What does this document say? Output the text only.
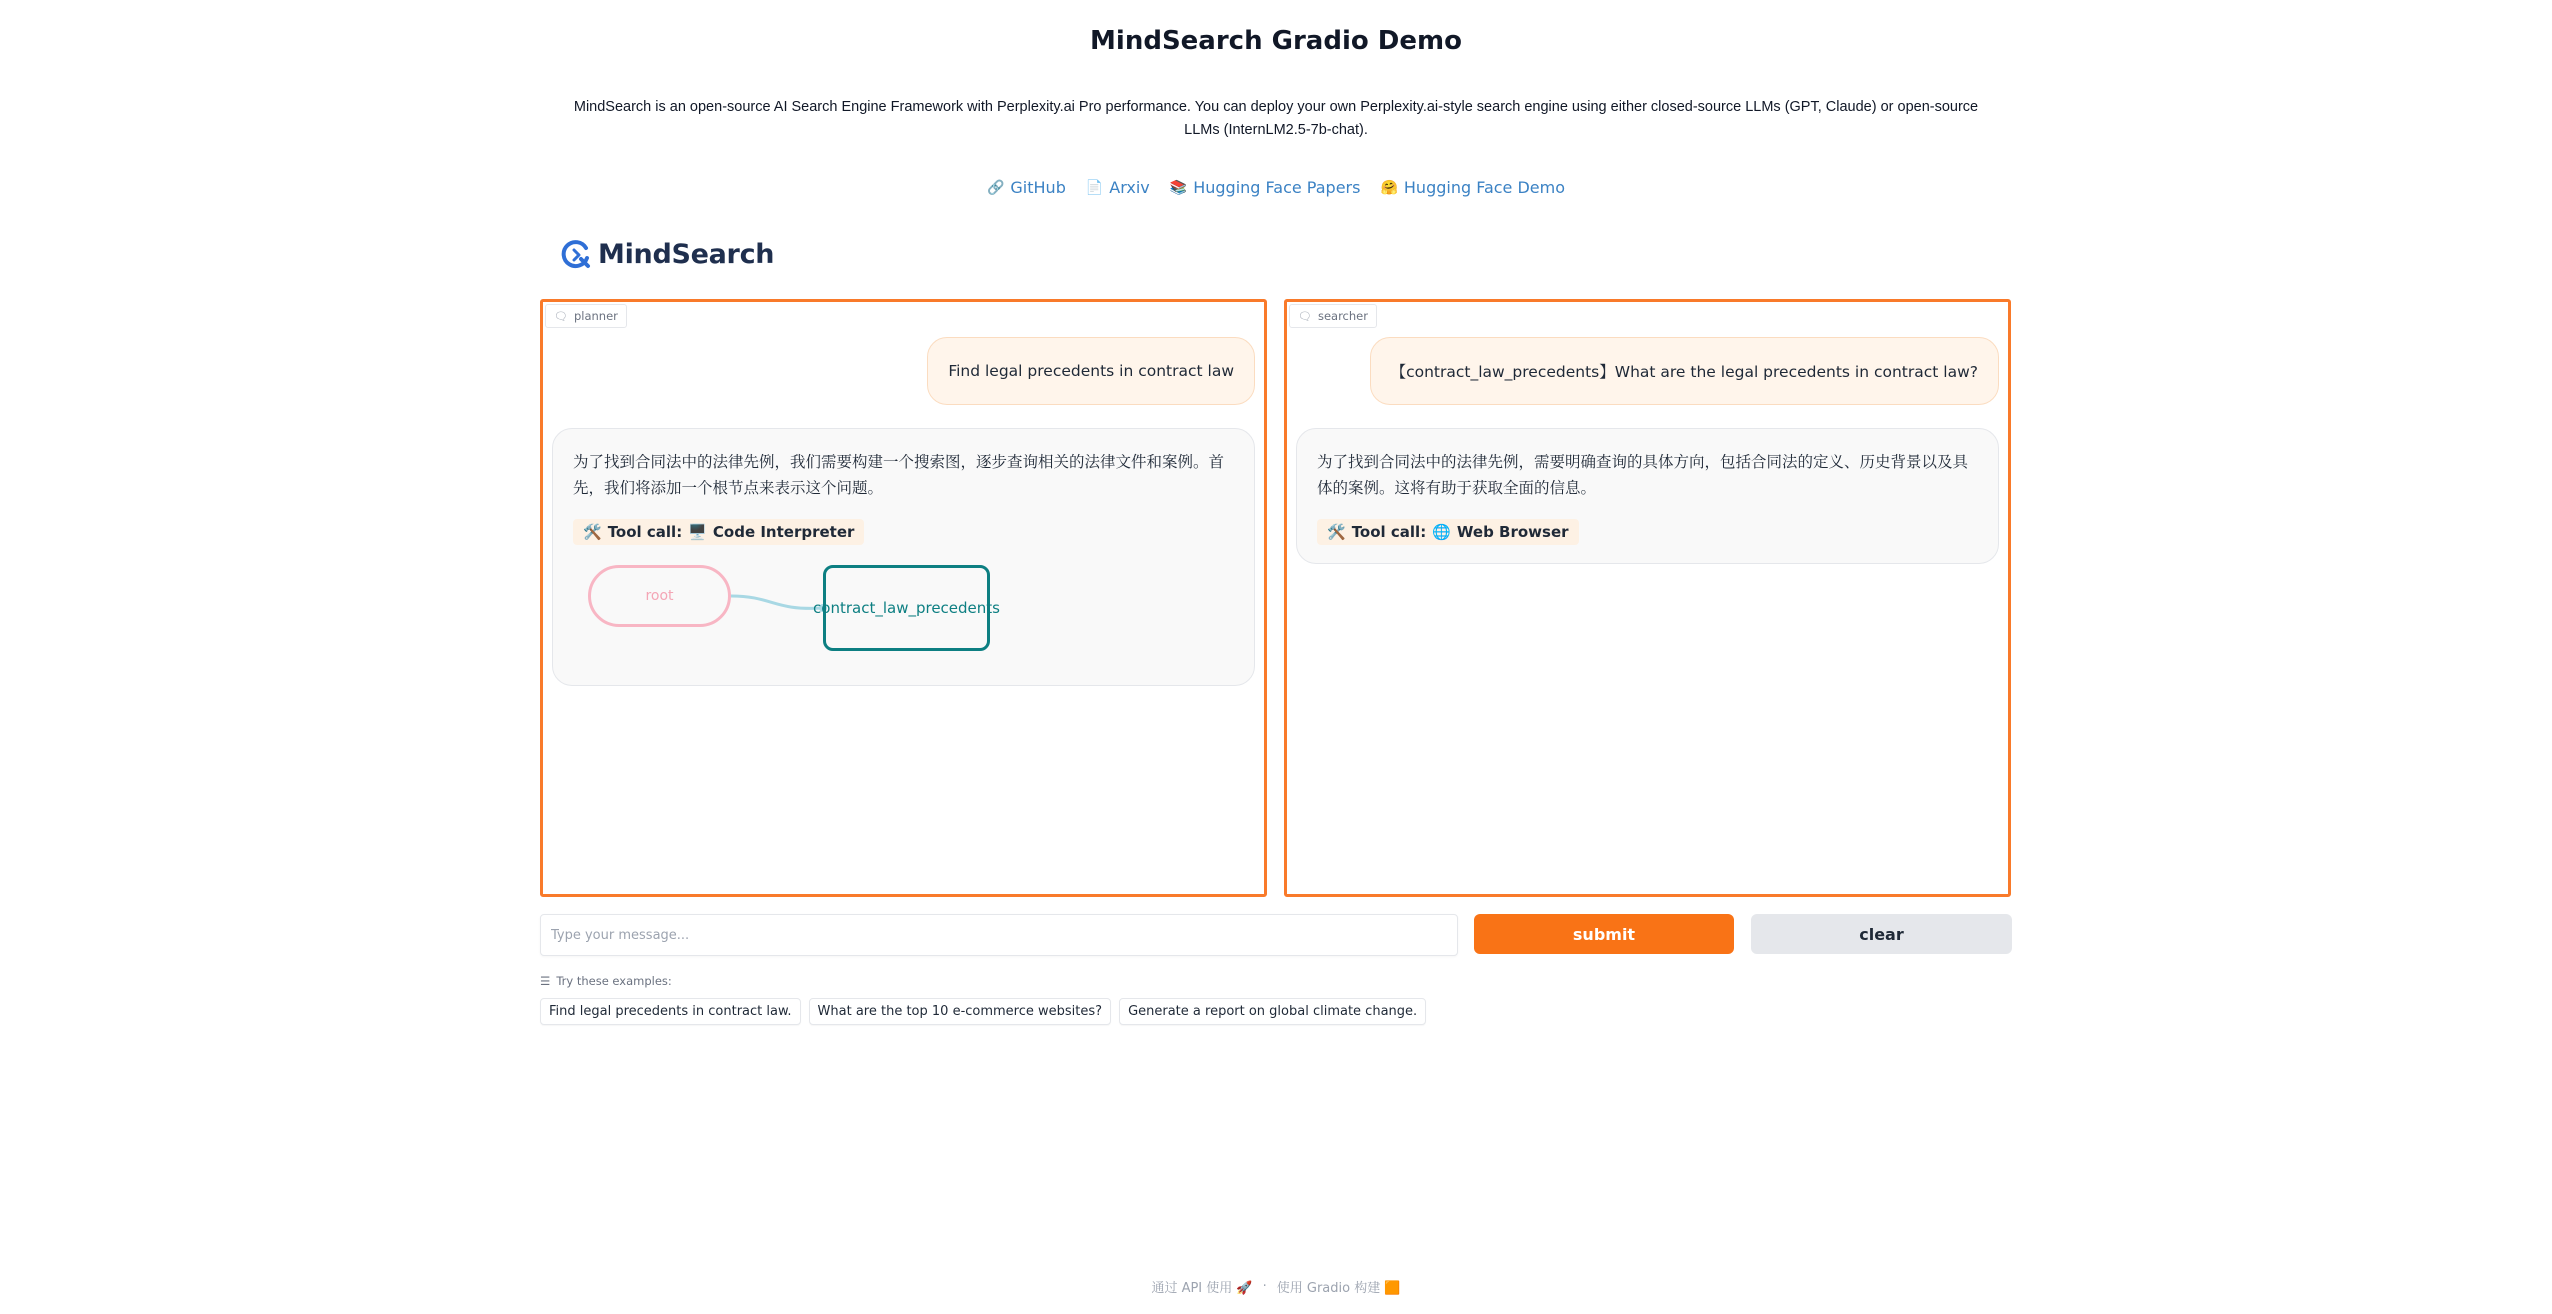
MindSearch Gradio Demo
MindSearch is an open-source AI Search Engine Framework with Perplexity.ai Pro performance. You can deploy your own Perplexity.ai-style search engine using either closed-source LLMs (GPT, Claude) or open-source LLMs (InternLM2.5-7b-chat).
🔗 GitHub 📄 Arxiv 📚 Hugging Face Papers 🤗 Hugging Face Demo
MindSearch
🗨 planner
Find legal precedents in contract law
为了找到合同法中的法律先例，我们需要构建一个搜索图，逐步查询相关的法律文件和案例。首先，我们将添加一个根节点来表示这个问题。
🛠️ Tool call: 🖥️ Code Interpreter
root
contract_law_precedents
🗨 searcher
【contract_law_precedents】What are the legal precedents in contract law?
为了找到合同法中的法律先例，需要明确查询的具体方向，包括合同法的定义、历史背景以及具体的案例。这将有助于获取全面的信息。
🛠️ Tool call: 🌐 Web Browser
Type your message...
submit	clear
☰ Try these examples:
Find legal precedents in contract law.	What are the top 10 e-commerce websites?	Generate a report on global climate change.
通过 API 使用 🚀 · 使用 Gradio 构建 🟧
